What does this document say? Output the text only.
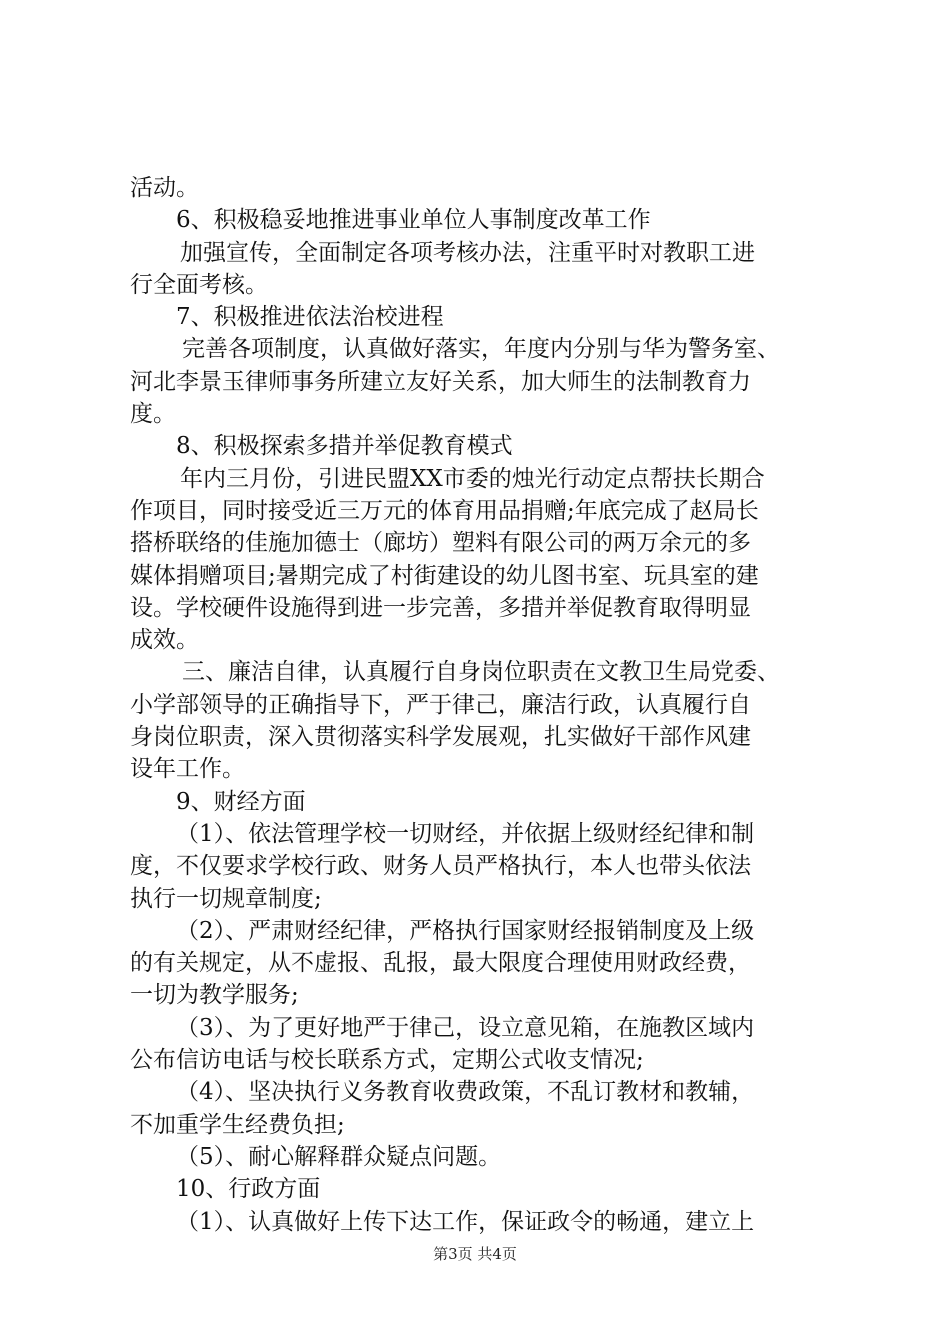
活动。
6、积极稳妥地推进事业单位人事制度改革工作
加强宣传，全面制定各项考核办法，注重平时对教职工进
行全面考核。
7、积极推进依法治校进程
完善各项制度，认真做好落实，年度内分别与华为警务室、
河北李景玉律师事务所建立友好关系，加大师生的法制教育力
度。
8、积极探索多措并举促教育模式
年内三月份，引进民盟XX市委的烛光行动定点帮扶长期合
作项目，同时接受近三万元的体育用品捐赠;年底完成了赵局长
搭桥联络的佳施加德士（廊坊）塑料有限公司的两万余元的多
媒体捐赠项目;暑期完成了村街建设的幼儿图书室、玩具室的建
设。学校硬件设施得到进一步完善，多措并举促教育取得明显
成效。
三、廉洁自律，认真履行自身岗位职责在文教卫生局党委、
小学部领导的正确指导下，严于律己，廉洁行政，认真履行自
身岗位职责，深入贯彻落实科学发展观，扎实做好干部作风建
设年工作。
9、财经方面
（1）、依法管理学校一切财经，并依据上级财经纪律和制
度，不仅要求学校行政、财务人员严格执行，本人也带头依法
执行一切规章制度;
（2）、严肃财经纪律，严格执行国家财经报销制度及上级
的有关规定，从不虚报、乱报，最大限度合理使用财政经费，
一切为教学服务;
（3）、为了更好地严于律己，设立意见箱，在施教区域内
公布信访电话与校长联系方式，定期公式收支情况;
（4）、坚决执行义务教育收费政策，不乱订教材和教辅，
不加重学生经费负担;
（5）、耐心解释群众疑点问题。
10、行政方面
（1）、认真做好上传下达工作，保证政令的畅通，建立上
第3页 共4页
